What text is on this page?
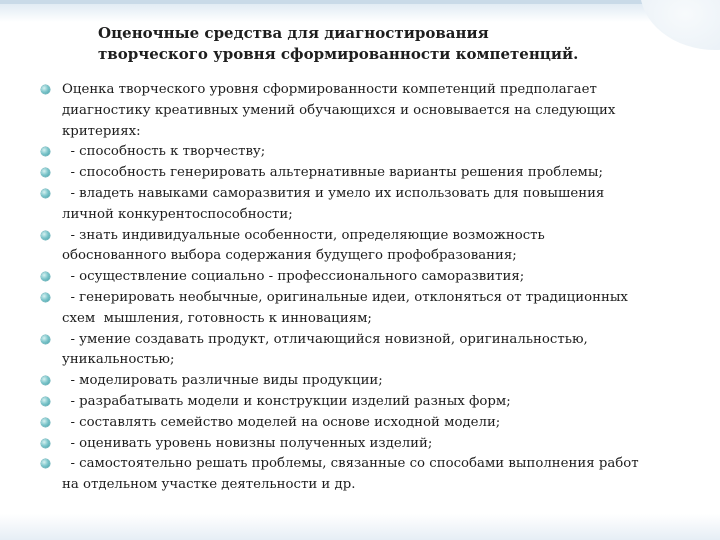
Оценочные средства для диагностирования
творческого уровня сформированности компетенций.
Оценка творческого уровня сформированности компетенций предполагает
диагностику креативных умений обучающихся и основывается на следующих
критериях:
- способность к творчеству;
- способность генерировать альтернативные варианты решения проблемы;
- владеть навыками саморазвития и умело их использовать для повышения
личной конкурентоспособности;
- знать индивидуальные особенности, определяющие возможность
обоснованного выбора содержания будущего профобразования;
- осуществление социально - профессионального саморазвития;
- генерировать необычные, оригинальные идеи, отклоняться от традиционных
схем  мышления, готовность к инновациям;
- умение создавать продукт, отличающийся новизной, оригинальностью,
уникальностью;
- моделировать различные виды продукции;
- разрабатывать модели и конструкции изделий разных форм;
- составлять семейство моделей на основе исходной модели;
- оценивать уровень новизны полученных изделий;
- самостоятельно решать проблемы, связанные со способами выполнения работ
на отдельном участке деятельности и др.
